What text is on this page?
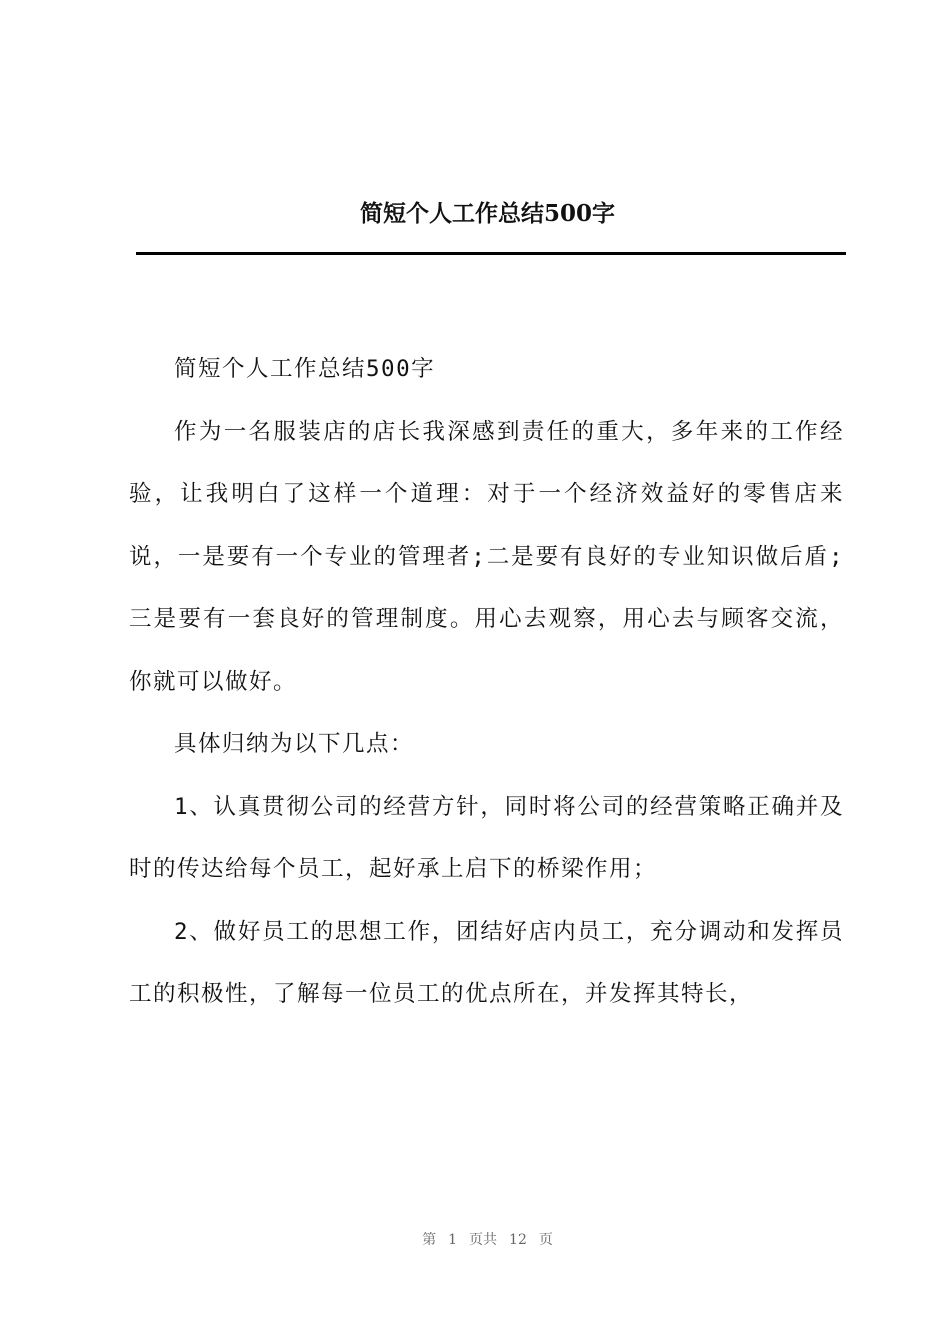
简短个人工作总结500字

简短个人工作总结500字

作为一名服装店的店长我深感到责任的重大，多年来的工作经验，让我明白了这样一个道理：对于一个经济效益好的零售店来说，一是要有一个专业的管理者;二是要有良好的专业知识做后盾;三是要有一套良好的管理制度。用心去观察，用心去与顾客交流，你就可以做好。

具体归纳为以下几点：

1、认真贯彻公司的经营方针，同时将公司的经营策略正确并及时的传达给每个员工，起好承上启下的桥梁作用；

2、做好员工的思想工作，团结好店内员工，充分调动和发挥员工的积极性，了解每一位员工的优点所在，并发挥其特长，

第 1 页共 12 页
